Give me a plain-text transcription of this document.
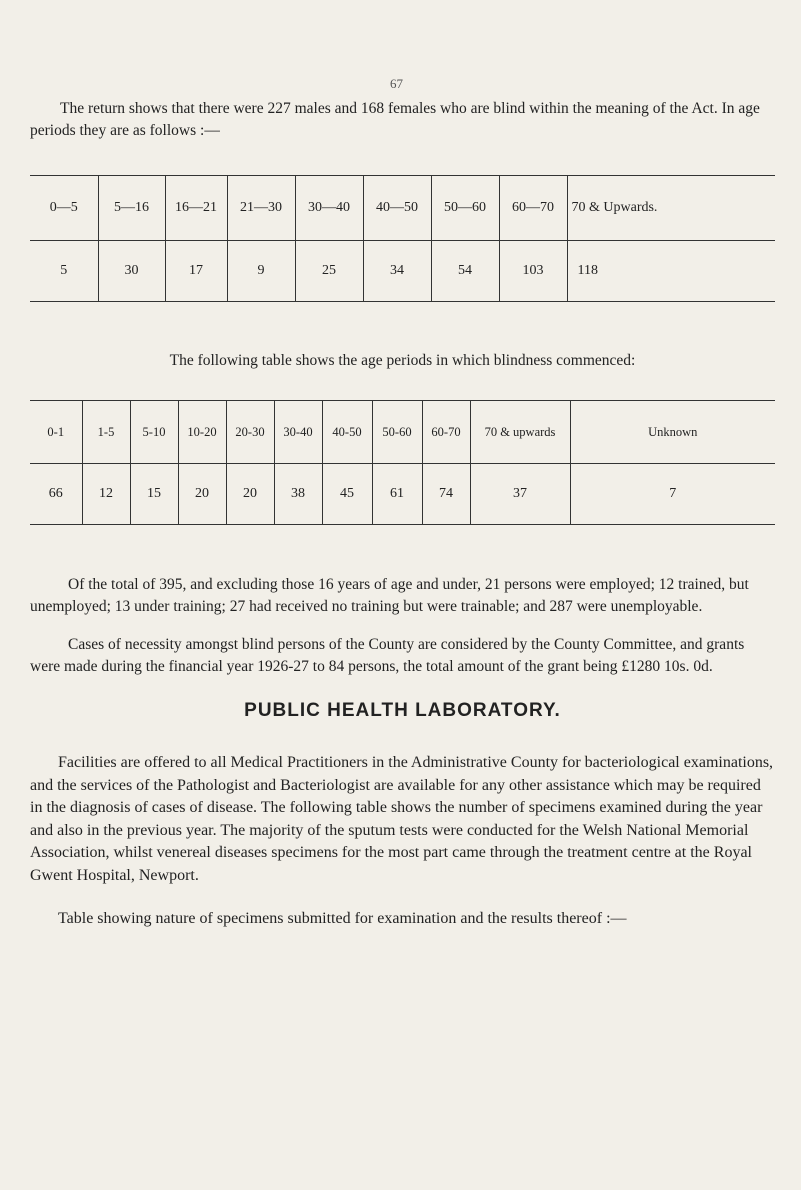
67
The return shows that there were 227 males and 168 females who are blind within the meaning of the Act. In age periods they are as follows :—
0—5	5—16	16—21	21—30	30—40	40—50	50—60	60—70	70 & Upwards.
5	30	17	9	25	34	54	103	118
The following table shows the age periods in which blindness commenced:
0-1	1-5	5-10	10-20	20-30	30-40	40-50	50-60	60-70	70 & upwards	Unknown
66	12	15	20	20	38	45	61	74	37	7
Of the total of 395, and excluding those 16 years of age and under, 21 persons were employed; 12 trained, but unemployed; 13 under training; 27 had received no training but were trainable; and 287 were unemployable.
Cases of necessity amongst blind persons of the County are considered by the County Committee, and grants were made during the financial year 1926-27 to 84 persons, the total amount of the grant being £1280 10s. 0d.
PUBLIC HEALTH LABORATORY.
Facilities are offered to all Medical Practitioners in the Administrative County for bacteriological examinations, and the services of the Pathologist and Bacteriologist are available for any other assistance which may be required in the diagnosis of cases of disease. The following table shows the number of specimens examined during the year and also in the previous year. The majority of the sputum tests were conducted for the Welsh National Memorial Association, whilst venereal diseases specimens for the most part came through the treatment centre at the Royal Gwent Hospital, Newport.
Table showing nature of specimens submitted for examination and the results thereof :—
